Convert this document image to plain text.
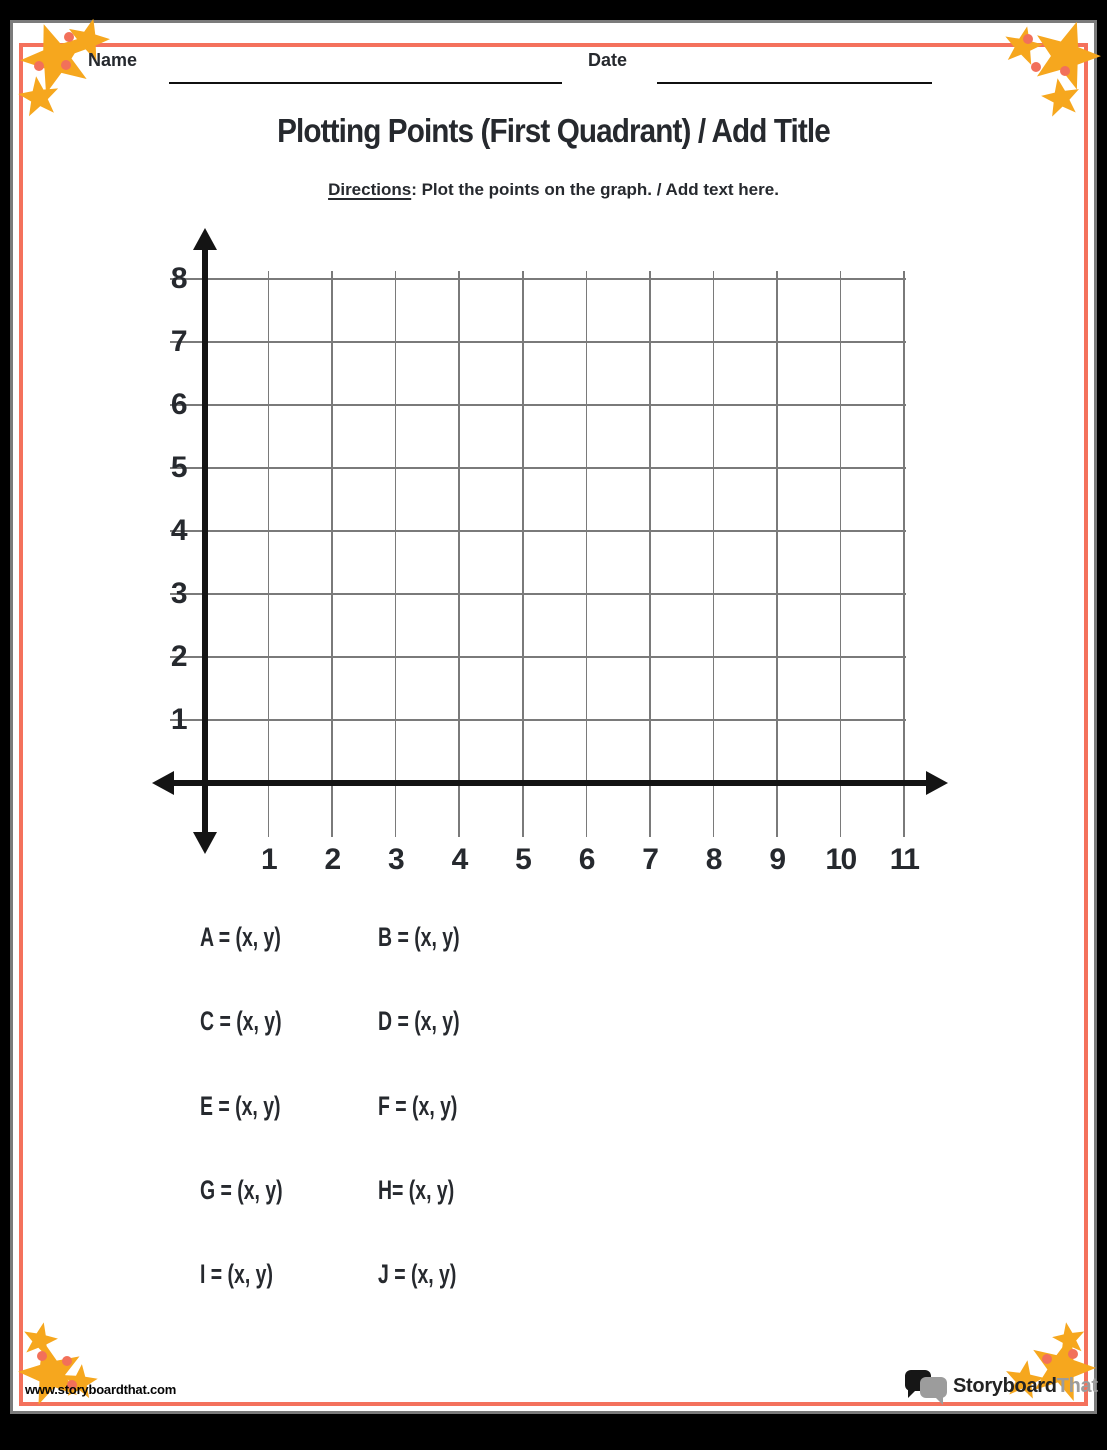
Name	Date
Plotting Points (First Quadrant) / Add Title
Directions: Plot the points on the graph. / Add text here.
1	2	3	4	5	6	7	8	9	10	11
1
2
3
4
5
6
7
8
A = (x, y)	B = (x, y)
C = (x, y)	D = (x, y)
E = (x, y)	F = (x, y)
G = (x, y)	H= (x, y)
I = (x, y)	J = (x, y)
www.storyboardthat.com	StoryboardThat
